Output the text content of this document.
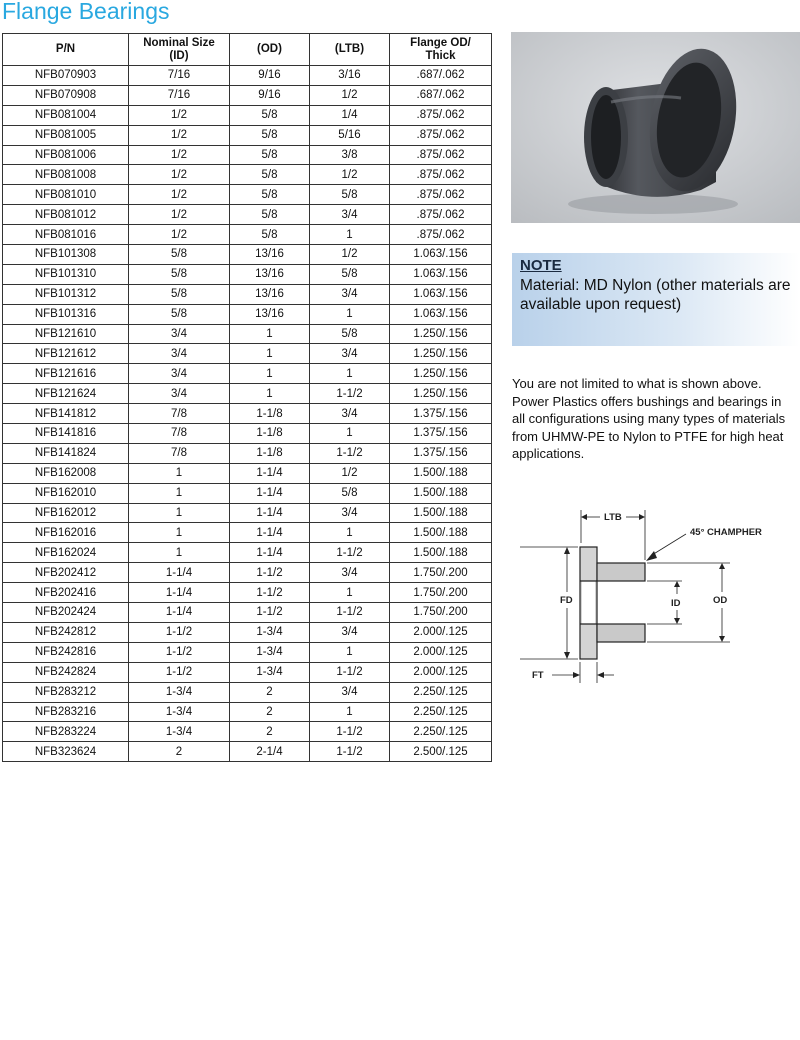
Flange Bearings
P/N	Nominal Size (ID)	(OD)	(LTB)	Flange OD/ Thick
NFB070903	7/16	9/16	3/16	.687/.062
NFB070908	7/16	9/16	1/2	.687/.062
NFB081004	1/2	5/8	1/4	.875/.062
NFB081005	1/2	5/8	5/16	.875/.062
NFB081006	1/2	5/8	3/8	.875/.062
NFB081008	1/2	5/8	1/2	.875/.062
NFB081010	1/2	5/8	5/8	.875/.062
NFB081012	1/2	5/8	3/4	.875/.062
NFB081016	1/2	5/8	1	.875/.062
NFB101308	5/8	13/16	1/2	1.063/.156
NFB101310	5/8	13/16	5/8	1.063/.156
NFB101312	5/8	13/16	3/4	1.063/.156
NFB101316	5/8	13/16	1	1.063/.156
NFB121610	3/4	1	5/8	1.250/.156
NFB121612	3/4	1	3/4	1.250/.156
NFB121616	3/4	1	1	1.250/.156
NFB121624	3/4	1	1-1/2	1.250/.156
NFB141812	7/8	1-1/8	3/4	1.375/.156
NFB141816	7/8	1-1/8	1	1.375/.156
NFB141824	7/8	1-1/8	1-1/2	1.375/.156
NFB162008	1	1-1/4	1/2	1.500/.188
NFB162010	1	1-1/4	5/8	1.500/.188
NFB162012	1	1-1/4	3/4	1.500/.188
NFB162016	1	1-1/4	1	1.500/.188
NFB162024	1	1-1/4	1-1/2	1.500/.188
NFB202412	1-1/4	1-1/2	3/4	1.750/.200
NFB202416	1-1/4	1-1/2	1	1.750/.200
NFB202424	1-1/4	1-1/2	1-1/2	1.750/.200
NFB242812	1-1/2	1-3/4	3/4	2.000/.125
NFB242816	1-1/2	1-3/4	1	2.000/.125
NFB242824	1-1/2	1-3/4	1-1/2	2.000/.125
NFB283212	1-3/4	2	3/4	2.250/.125
NFB283216	1-3/4	2	1	2.250/.125
NFB283224	1-3/4	2	1-1/2	2.250/.125
NFB323624	2	2-1/4	1-1/2	2.500/.125
NOTE
Material: MD Nylon (other materials are available upon request)
You are not limited to what is shown above. Power Plastics offers bushings and bearings in all configurations using many types of materials from UHMW-PE to Nylon to PTFE for high heat applications.
LTB
45° CHAMPHER
FD	ID	OD
FT
